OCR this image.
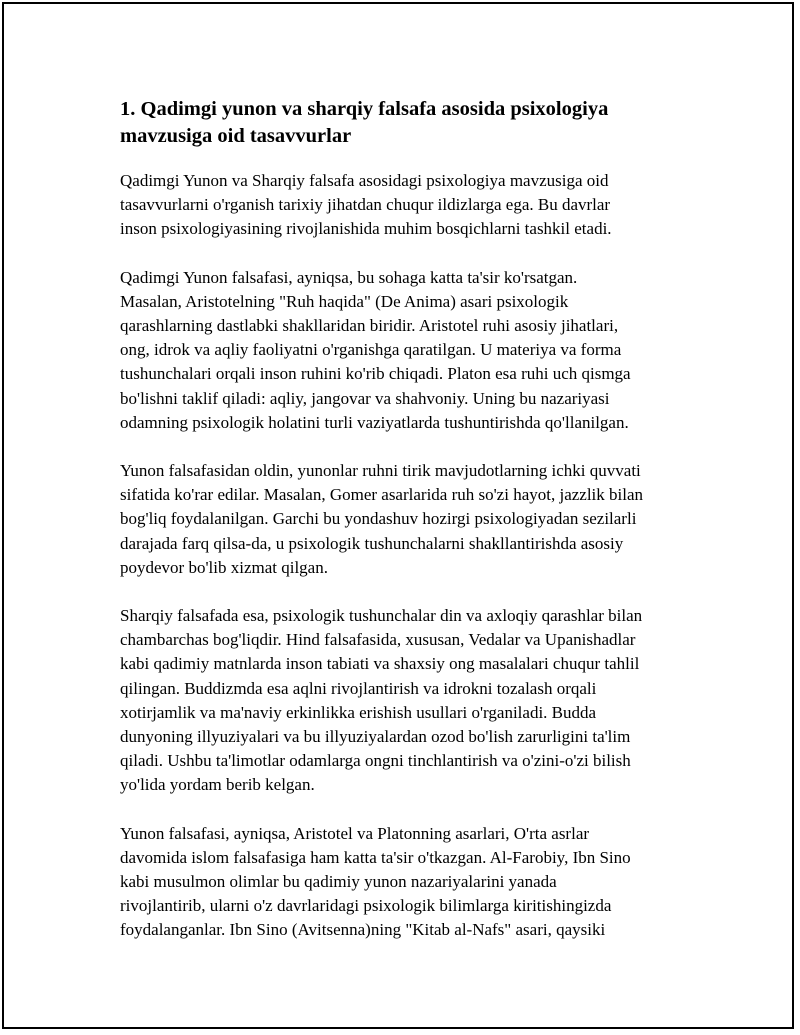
1. Qadimgi yunon va sharqiy falsafa asosida psixologiya
mavzusiga oid tasavvurlar

Qadimgi Yunon va Sharqiy falsafa asosidagi psixologiya mavzusiga oid
tasavvurlarni o'rganish tarixiy jihatdan chuqur ildizlarga ega. Bu davrlar
inson psixologiyasining rivojlanishida muhim bosqichlarni tashkil etadi.

Qadimgi Yunon falsafasi, ayniqsa, bu sohaga katta ta'sir ko'rsatgan.
Masalan, Aristotelning "Ruh haqida" (De Anima) asari psixologik
qarashlarning dastlabki shakllaridan biridir. Aristotel ruhi asosiy jihatlari,
ong, idrok va aqliy faoliyatni o'rganishga qaratilgan. U materiya va forma
tushunchalari orqali inson ruhini ko'rib chiqadi. Platon esa ruhi uch qismga
bo'lishni taklif qiladi: aqliy, jangovar va shahvoniy. Uning bu nazariyasi
odamning psixologik holatini turli vaziyatlarda tushuntirishda qo'llanilgan.

Yunon falsafasidan oldin, yunonlar ruhni tirik mavjudotlarning ichki quvvati
sifatida ko'rar edilar. Masalan, Gomer asarlarida ruh so'zi hayot, jazzlik bilan
bog'liq foydalanilgan. Garchi bu yondashuv hozirgi psixologiyadan sezilarli
darajada farq qilsa-da, u psixologik tushunchalarni shakllantirishda asosiy
poydevor bo'lib xizmat qilgan.

Sharqiy falsafada esa, psixologik tushunchalar din va axloqiy qarashlar bilan
chambarchas bog'liqdir. Hind falsafasida, xususan, Vedalar va Upanishadlar
kabi qadimiy matnlarda inson tabiati va shaxsiy ong masalalari chuqur tahlil
qilingan. Buddizmda esa aqlni rivojlantirish va idrokni tozalash orqali
xotirjamlik va ma'naviy erkinlikka erishish usullari o'rganiladi. Budda
dunyoning illyuziyalari va bu illyuziyalardan ozod bo'lish zarurligini ta'lim
qiladi. Ushbu ta'limotlar odamlarga ongni tinchlantirish va o'zini-o'zi bilish
yo'lida yordam berib kelgan.

Yunon falsafasi, ayniqsa, Aristotel va Platonning asarlari, O'rta asrlar
davomida islom falsafasiga ham katta ta'sir o'tkazgan. Al-Farobiy, Ibn Sino
kabi musulmon olimlar bu qadimiy yunon nazariyalarini yanada
rivojlantirib, ularni o'z davrlaridagi psixologik bilimlarga kiritishingizda
foydalanganlar. Ibn Sino (Avitsenna)ning "Kitab al-Nafs" asari, qaysiki
